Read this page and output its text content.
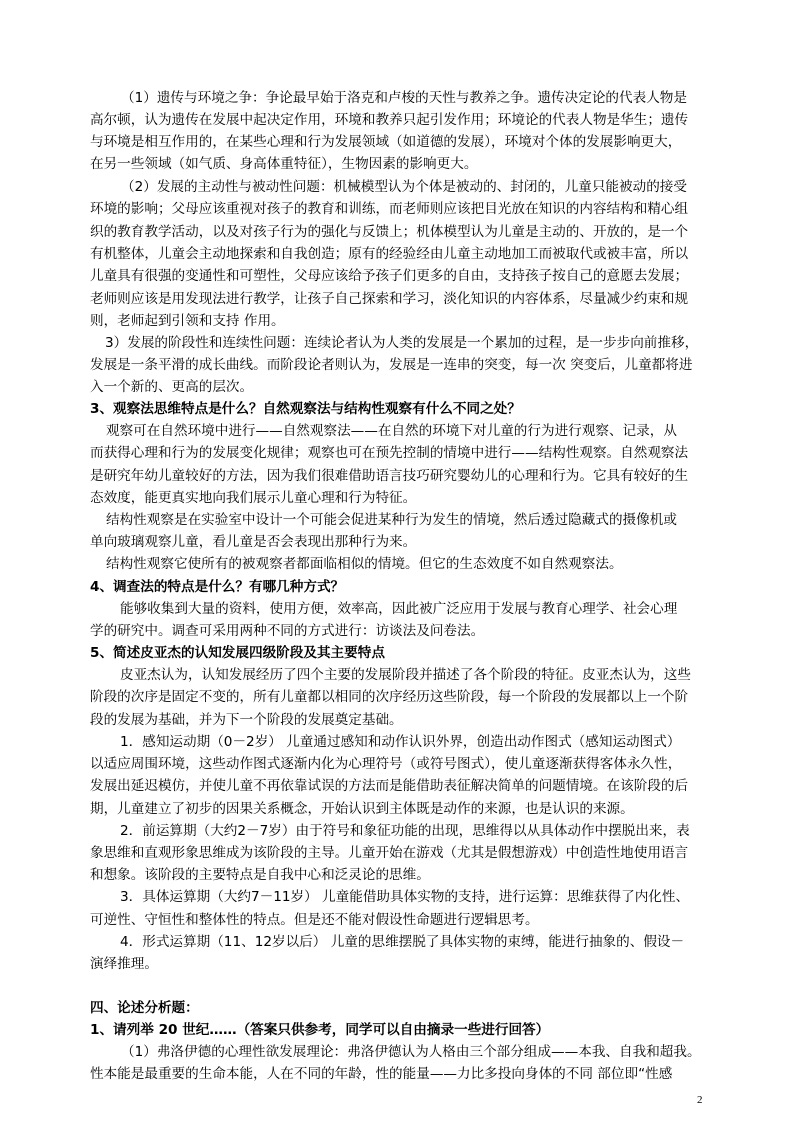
（1）遗传与环境之争：争论最早始于洛克和卢梭的天性与教养之争。遗传决定论的代表人物是
高尔顿，认为遗传在发展中起决定作用，环境和教养只起引发作用；环境论的代表人物是华生；遗传
与环境是相互作用的，在某些心理和行为发展领域（如道德的发展），环境对个体的发展影响更大，
在另一些领域（如气质、身高体重特征），生物因素的影响更大。
（2）发展的主动性与被动性问题：机械模型认为个体是被动的、封闭的，儿童只能被动的接受
环境的影响；父母应该重视对孩子的教育和训练，而老师则应该把目光放在知识的内容结构和精心组
织的教育教学活动，以及对孩子行为的强化与反馈上；机体模型认为儿童是主动的、开放的，是一个
有机整体，儿童会主动地探索和自我创造；原有的经验经由儿童主动地加工而被取代或被丰富，所以
儿童具有很强的变通性和可塑性，父母应该给予孩子们更多的自由，支持孩子按自己的意愿去发展；
老师则应该是用发现法进行教学，让孩子自己探索和学习，淡化知识的内容体系，尽量减少约束和规
则，老师起到引领和支持 作用。
3）发展的阶段性和连续性问题：连续论者认为人类的发展是一个累加的过程，是一步步向前推移，
发展是一条平滑的成长曲线。而阶段论者则认为，发展是一连串的突变，每一次 突变后，儿童都将进
入一个新的、更高的层次。
3、观察法思维特点是什么？自然观察法与结构性观察有什么不同之处？
观察可在自然环境中进行——自然观察法——在自然的环境下对儿童的行为进行观察、记录，从
而获得心理和行为的发展变化规律；观察也可在预先控制的情境中进行——结构性观察。自然观察法
是研究年幼儿童较好的方法，因为我们很难借助语言技巧研究婴幼儿的心理和行为。它具有较好的生
态效度，能更真实地向我们展示儿童心理和行为特征。
结构性观察是在实验室中设计一个可能会促进某种行为发生的情境，然后透过隐藏式的摄像机或
单向玻璃观察儿童，看儿童是否会表现出那种行为来。
结构性观察它使所有的被观察者都面临相似的情境。但它的生态效度不如自然观察法。
4、调查法的特点是什么？有哪几种方式？
能够收集到大量的资料，使用方便，效率高，因此被广泛应用于发展与教育心理学、社会心理
学的研究中。调查可采用两种不同的方式进行：访谈法及问卷法。
5、简述皮亚杰的认知发展四级阶段及其主要特点
皮亚杰认为，认知发展经历了四个主要的发展阶段并描述了各个阶段的特征。皮亚杰认为，这些
阶段的次序是固定不变的，所有儿童都以相同的次序经历这些阶段，每一个阶段的发展都以上一个阶
段的发展为基础，并为下一个阶段的发展奠定基础。
1．感知运动期（0－2岁） 儿童通过感知和动作认识外界，创造出动作图式（感知运动图式）
以适应周围环境，这些动作图式逐渐内化为心理符号（或符号图式），使儿童逐渐获得客体永久性，
发展出延迟模仿，并使儿童不再依靠试误的方法而是能借助表征解决简单的问题情境。在该阶段的后
期，儿童建立了初步的因果关系概念，开始认识到主体既是动作的来源，也是认识的来源。
2．前运算期（大约2－7岁）由于符号和象征功能的出现，思维得以从具体动作中摆脱出来，表
象思维和直观形象思维成为该阶段的主导。儿童开始在游戏（尤其是假想游戏）中创造性地使用语言
和想象。该阶段的主要特点是自我中心和泛灵论的思维。
3．具体运算期（大约7－11岁） 儿童能借助具体实物的支持，进行运算：思维获得了内化性、
可逆性、守恒性和整体性的特点。但是还不能对假设性命题进行逻辑思考。
4．形式运算期（11、12岁以后） 儿童的思维摆脱了具体实物的束缚，能进行抽象的、假设－
演绎推理。
四、论述分析题：
1、请列举 20 世纪……（答案只供参考，同学可以自由摘录一些进行回答）
（1）弗洛伊德的心理性欲发展理论：弗洛伊德认为人格由三个部分组成——本我、自我和超我。
性本能是最重要的生命本能，人在不同的年龄，性的能量——力比多投向身体的不同 部位即“性感
2
